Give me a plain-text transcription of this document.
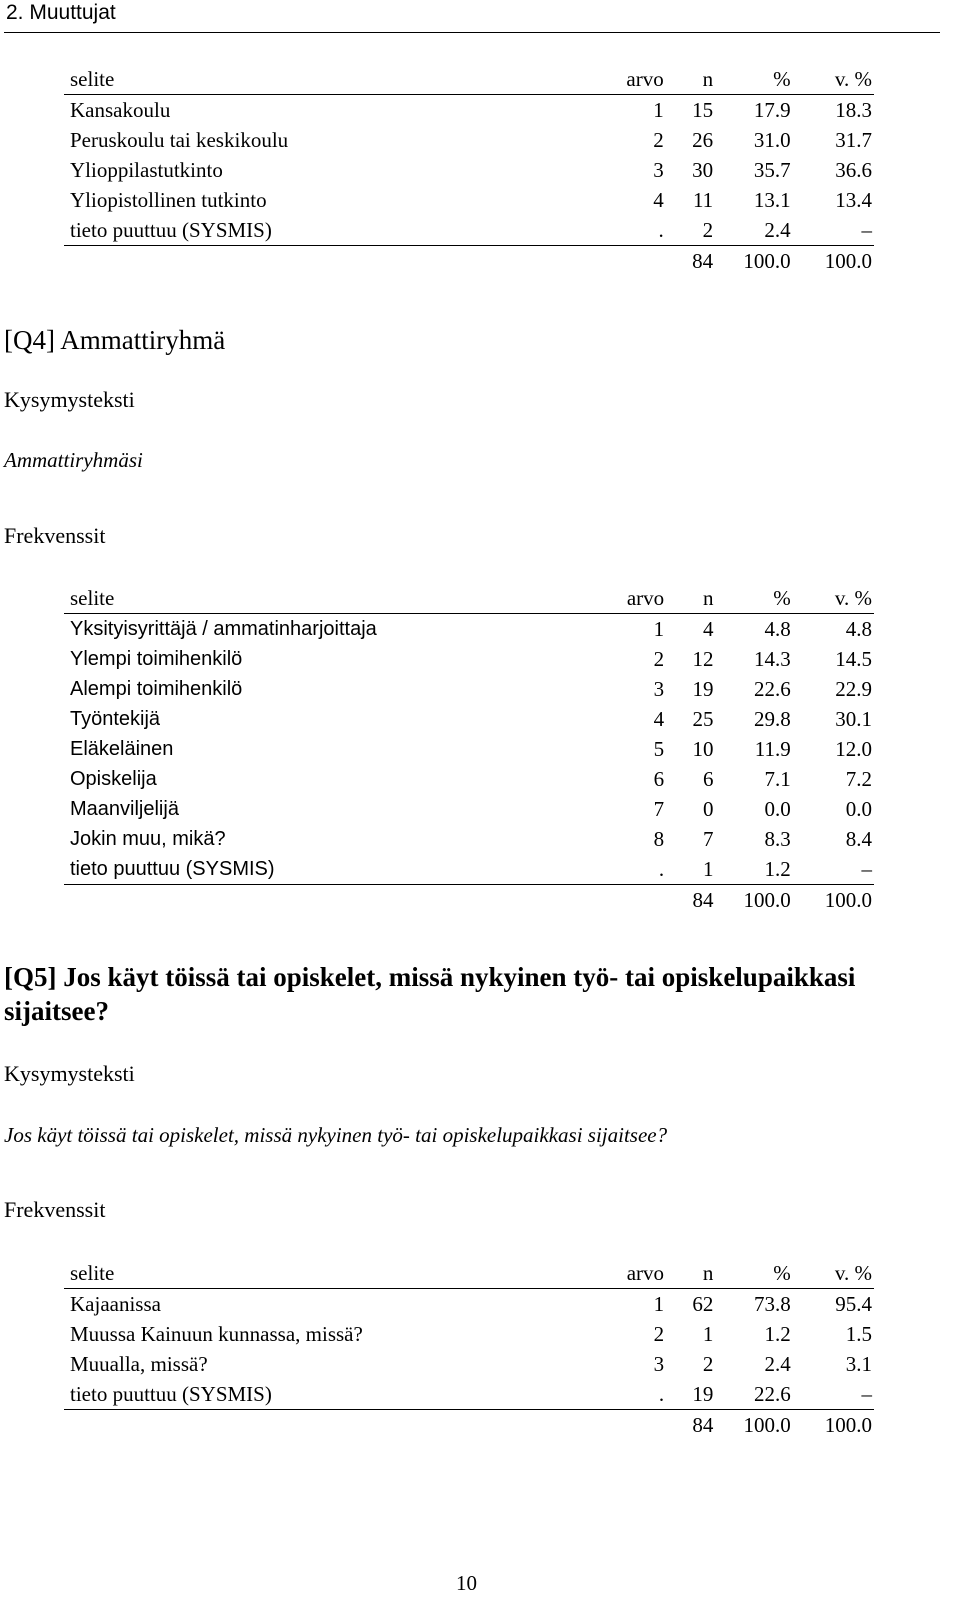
2. Muuttujat
selite	arvo	n	%	v. %
Kansakoulu	1	15	17.9	18.3
Peruskoulu tai keskikoulu	2	26	31.0	31.7
Ylioppilastutkinto	3	30	35.7	36.6
Yliopistollinen tutkinto	4	11	13.1	13.4
tieto puuttuu (SYSMIS)	.	2	2.4	–
		84	100.0	100.0
[Q4] Ammattiryhmä
Kysymysteksti
Ammattiryhmäsi
Frekvenssit
selite	arvo	n	%	v. %
Yksityisyrittäjä / ammatinharjoittaja	1	4	4.8	4.8
Ylempi toimihenkilö	2	12	14.3	14.5
Alempi toimihenkilö	3	19	22.6	22.9
Työntekijä	4	25	29.8	30.1
Eläkeläinen	5	10	11.9	12.0
Opiskelija	6	6	7.1	7.2
Maanviljelijä	7	0	0.0	0.0
Jokin muu, mikä?	8	7	8.3	8.4
tieto puuttuu (SYSMIS)	.	1	1.2	–
		84	100.0	100.0
[Q5] Jos käyt töissä tai opiskelet, missä nykyinen työ- tai opiskelupaikkasi sijaitsee?
Kysymysteksti
Jos käyt töissä tai opiskelet, missä nykyinen työ- tai opiskelupaikkasi sijaitsee?
Frekvenssit
selite	arvo	n	%	v. %
Kajaanissa	1	62	73.8	95.4
Muussa Kainuun kunnassa, missä?	2	1	1.2	1.5
Muualla, missä?	3	2	2.4	3.1
tieto puuttuu (SYSMIS)	.	19	22.6	–
		84	100.0	100.0
10
